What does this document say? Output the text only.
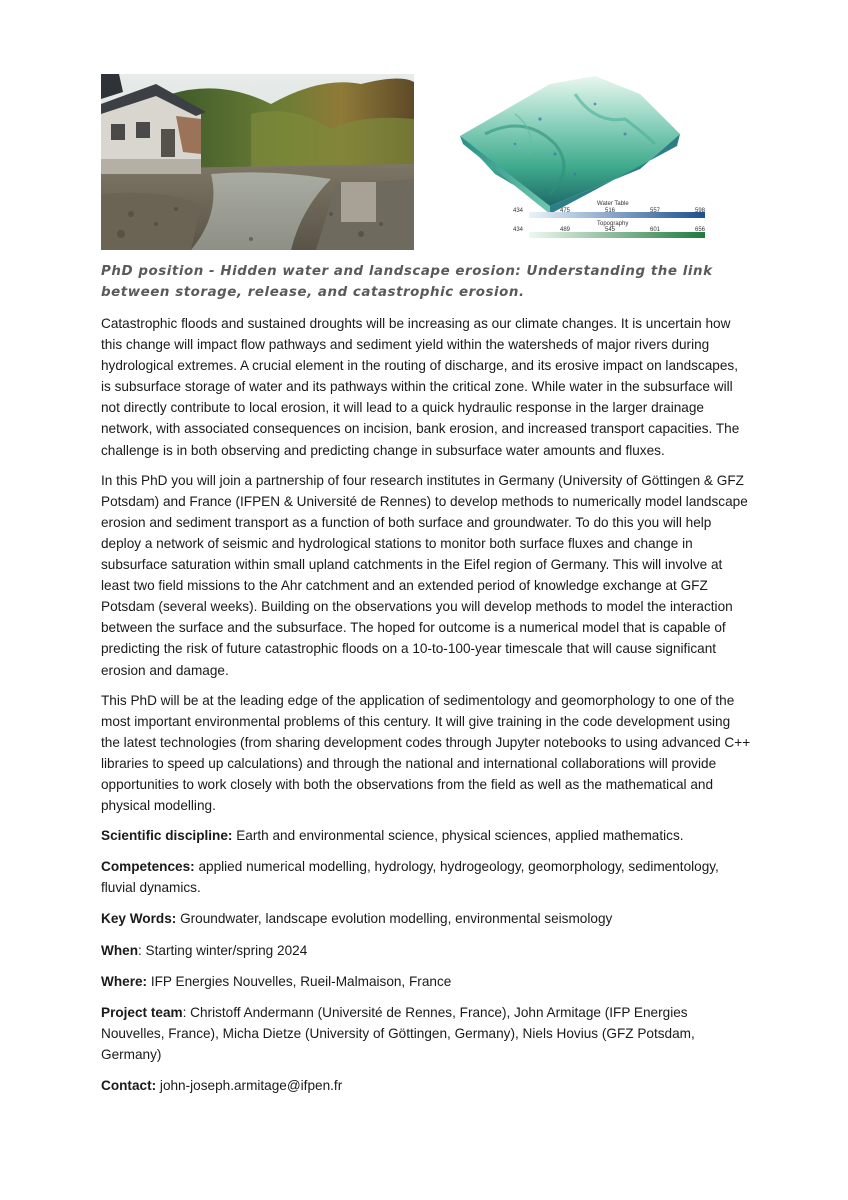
Water Table
434	475	516	557	598
Topography
434	489	545	601	656

PhD position - Hidden water and landscape erosion: Understanding the link between storage, release, and catastrophic erosion.

Catastrophic floods and sustained droughts will be increasing as our climate changes. It is uncertain how this change will impact flow pathways and sediment yield within the watersheds of major rivers during hydrological extremes. A crucial element in the routing of discharge, and its erosive impact on landscapes, is subsurface storage of water and its pathways within the critical zone. While water in the subsurface will not directly contribute to local erosion, it will lead to a quick hydraulic response in the larger drainage network, with associated consequences on incision, bank erosion, and increased transport capacities. The challenge is in both observing and predicting change in subsurface water amounts and fluxes.

In this PhD you will join a partnership of four research institutes in Germany (University of Göttingen & GFZ Potsdam) and France (IFPEN & Université de Rennes) to develop methods to numerically model landscape erosion and sediment transport as a function of both surface and groundwater. To do this you will help deploy a network of seismic and hydrological stations to monitor both surface fluxes and change in subsurface saturation within small upland catchments in the Eifel region of Germany. This will involve at least two field missions to the Ahr catchment and an extended period of knowledge exchange at GFZ Potsdam (several weeks). Building on the observations you will develop methods to model the interaction between the surface and the subsurface. The hoped for outcome is a numerical model that is capable of predicting the risk of future catastrophic floods on a 10-to-100-year timescale that will cause significant erosion and damage.

This PhD will be at the leading edge of the application of sedimentology and geomorphology to one of the most important environmental problems of this century. It will give training in the code development using the latest technologies (from sharing development codes through Jupyter notebooks to using advanced C++ libraries to speed up calculations) and through the national and international collaborations will provide opportunities to work closely with both the observations from the field as well as the mathematical and physical modelling.

Scientific discipline: Earth and environmental science, physical sciences, applied mathematics.
Competences: applied numerical modelling, hydrology, hydrogeology, geomorphology, sedimentology, fluvial dynamics.
Key Words: Groundwater, landscape evolution modelling, environmental seismology
When: Starting winter/spring 2024
Where: IFP Energies Nouvelles, Rueil-Malmaison, France
Project team: Christoff Andermann (Université de Rennes, France), John Armitage (IFP Energies Nouvelles, France), Micha Dietze (University of Göttingen, Germany), Niels Hovius (GFZ Potsdam, Germany)
Contact: john-joseph.armitage@ifpen.fr
